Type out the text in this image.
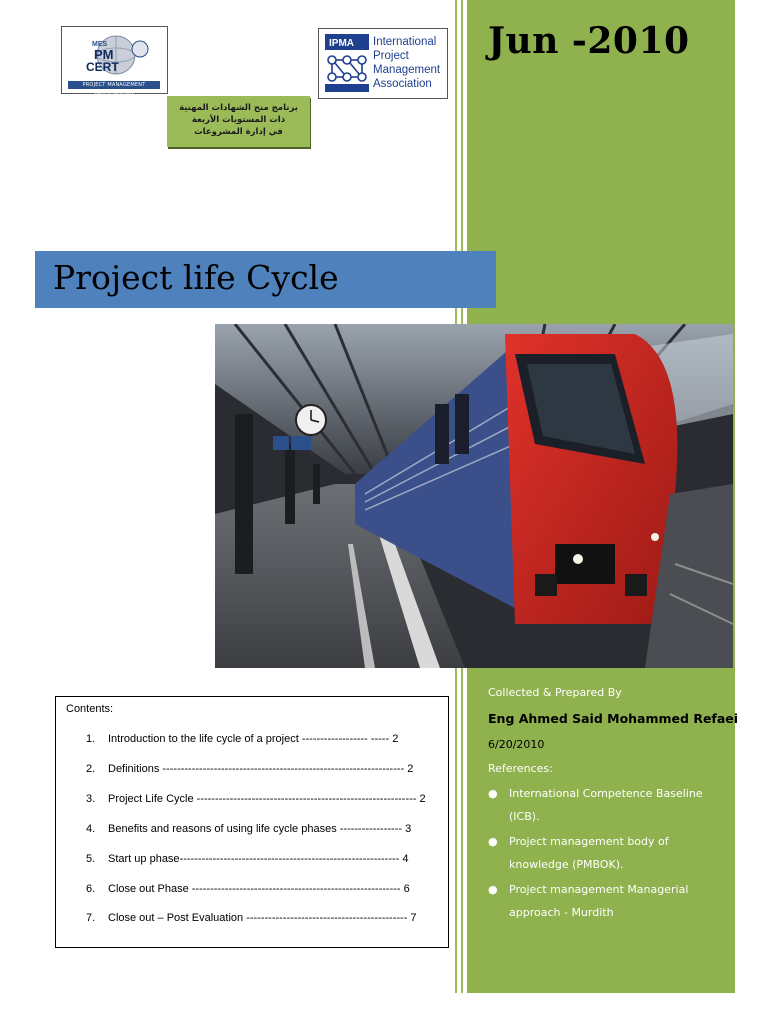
MES
PM
CERT
PROJECT MANAGEMENT CERTIFICATION
IPMA International
Project
Management
Association
برنامج منح الشهادات المهنية
ذات المستويات الأربعة
في إدارة المشروعات
Jun -2010
Project life Cycle
Contents:
1. Introduction to the life cycle of a project ------------------ ----- 2
2. Definitions ------------------------------------------------------------------ 2
3. Project Life Cycle ------------------------------------------------------------ 2
4. Benefits and reasons of using life cycle phases ----------------- 3
5. Start up phase------------------------------------------------------------ 4
6. Close out Phase --------------------------------------------------------- 6
7. Close out – Post Evaluation -------------------------------------------- 7
Collected & Prepared By
Eng Ahmed Said Mohammed Refaei
6/20/2010
References:
● International Competence Baseline
(ICB).
● Project management body of
knowledge (PMBOK).
● Project management Managerial
approach - Murdith
